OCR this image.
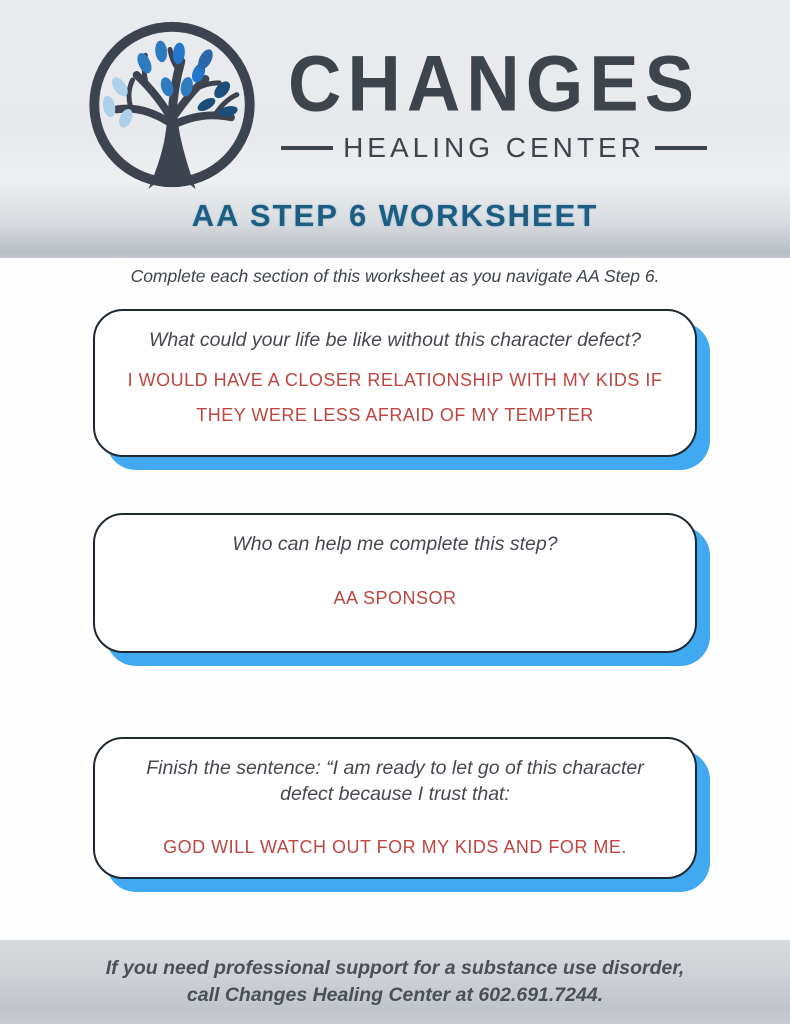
CHANGES
HEALING CENTER
AA STEP 6 WORKSHEET

Complete each section of this worksheet as you navigate AA Step 6.

What could your life be like without this character defect?

I WOULD HAVE A CLOSER RELATIONSHIP WITH MY KIDS IF THEY WERE LESS AFRAID OF MY TEMPTER

Who can help me complete this step?

AA SPONSOR

Finish the sentence: “I am ready to let go of this character defect because I trust that:

GOD WILL WATCH OUT FOR MY KIDS AND FOR ME.

If you need professional support for a substance use disorder, call Changes Healing Center at 602.691.7244.
